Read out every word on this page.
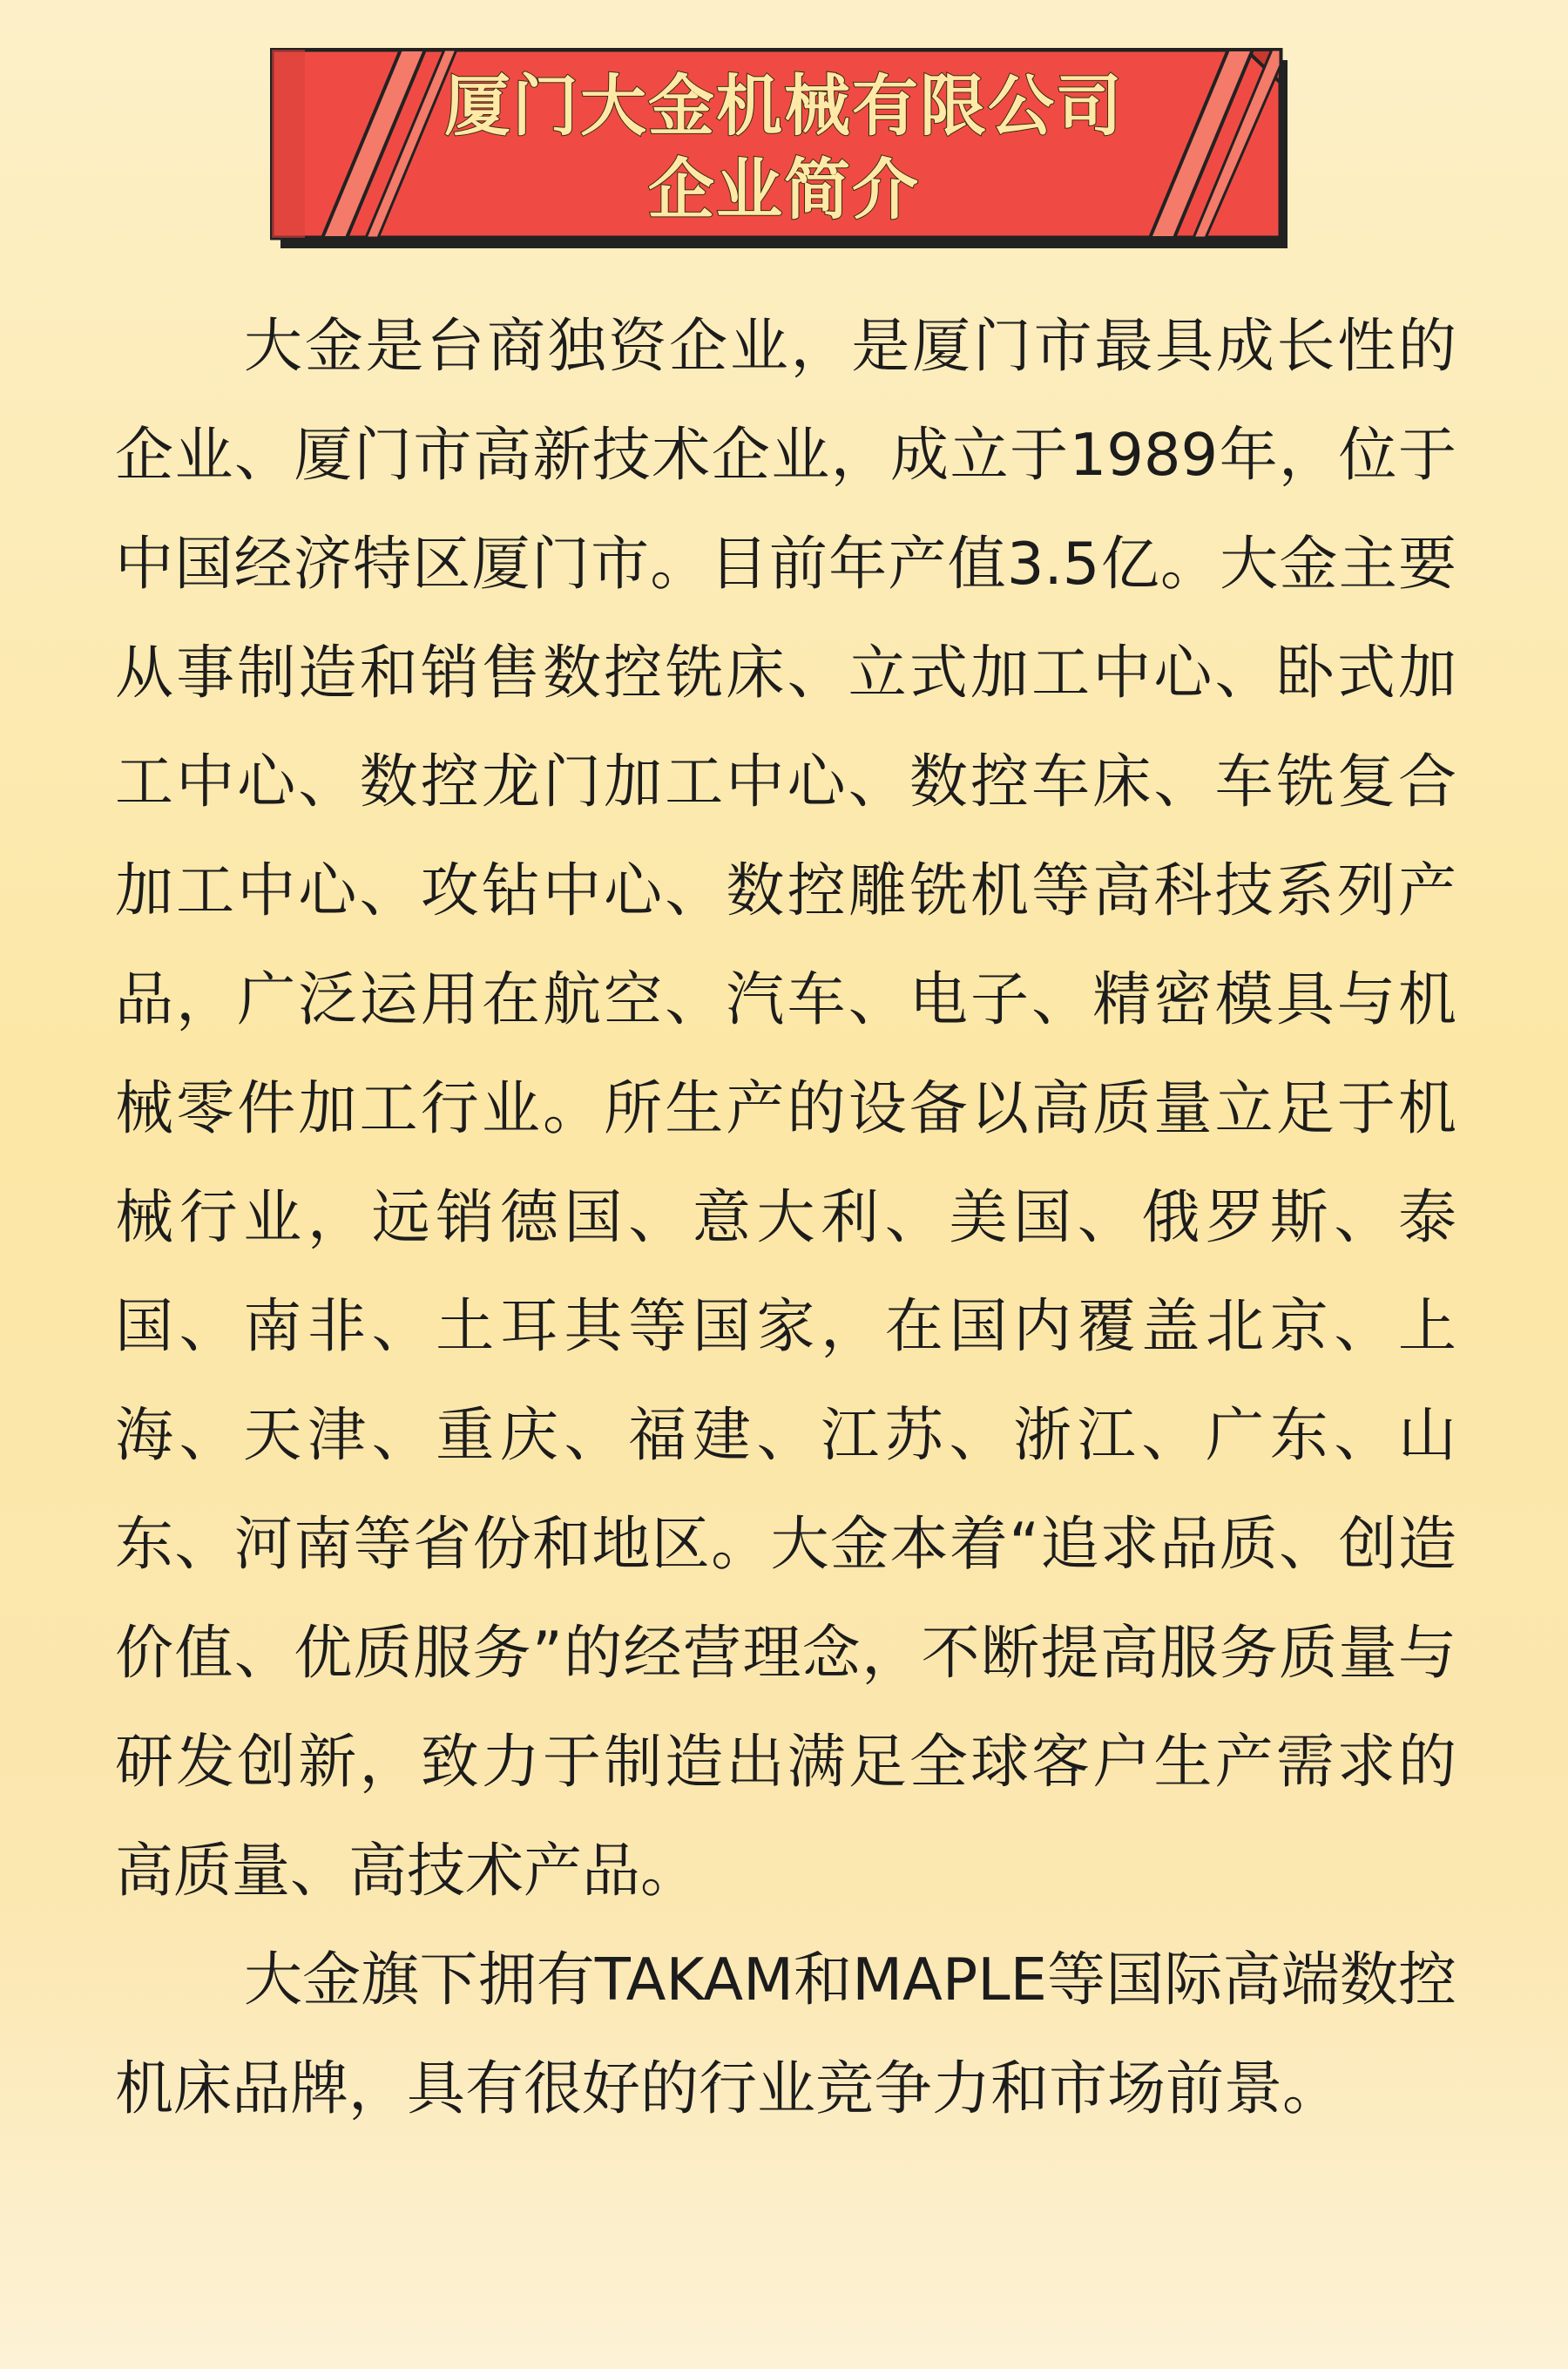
厦门大金机械有限公司
企业简介

大金是台商独资企业，是厦门市最具成长性的企业、厦门市高新技术企业，成立于1989年，位于中国经济特区厦门市。目前年产值3.5亿。大金主要从事制造和销售数控铣床、立式加工中心、卧式加工中心、数控龙门加工中心、数控车床、车铣复合加工中心、攻钻中心、数控雕铣机等高科技系列产品，广泛运用在航空、汽车、电子、精密模具与机械零件加工行业。所生产的设备以高质量立足于机械行业，远销德国、意大利、美国、俄罗斯、泰国、南非、土耳其等国家，在国内覆盖北京、上海、天津、重庆、福建、江苏、浙江、广东、山东、河南等省份和地区。大金本着“追求品质、创造价值、优质服务”的经营理念，不断提高服务质量与研发创新，致力于制造出满足全球客户生产需求的高质量、高技术产品。

大金旗下拥有TAKAM和MAPLE等国际高端数控机床品牌，具有很好的行业竞争力和市场前景。
